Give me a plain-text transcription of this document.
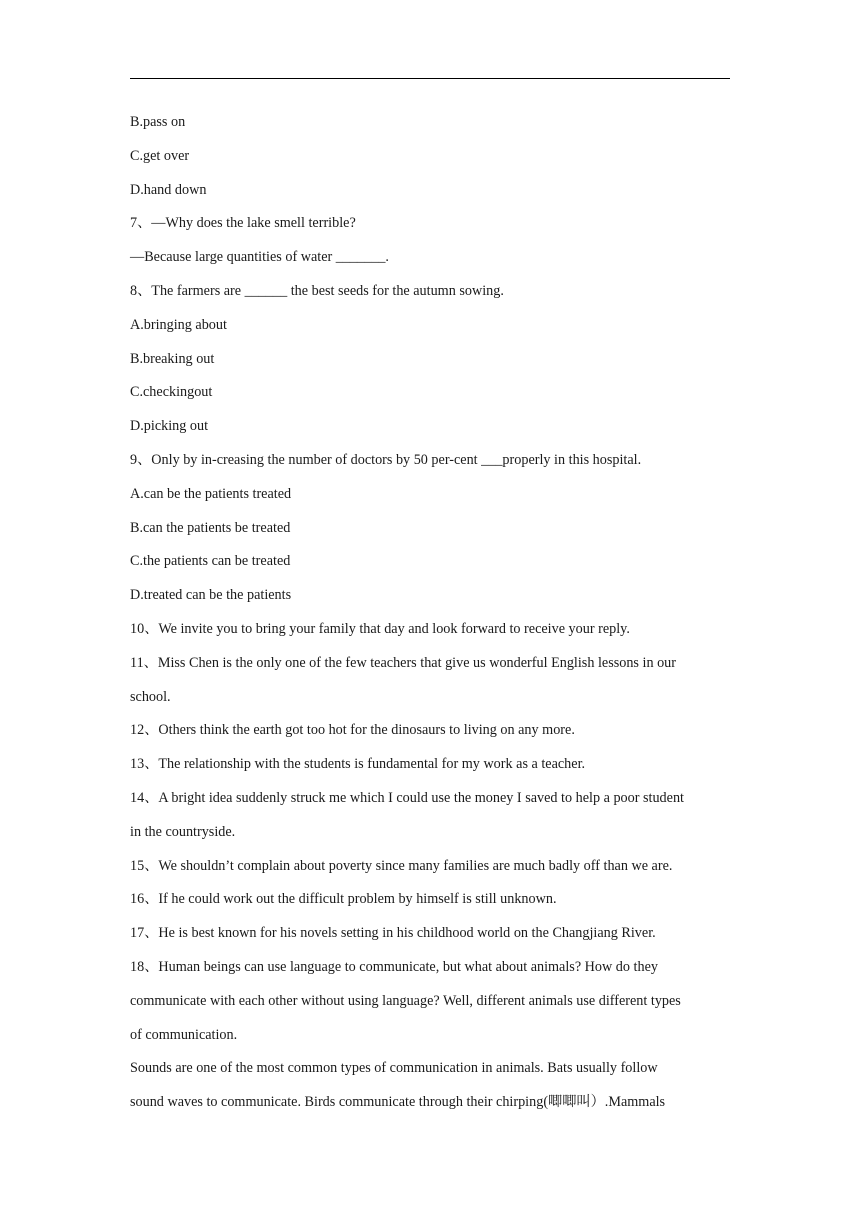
B.pass on
C.get over
D.hand down
7、—Why does the lake smell terrible?
—Because large quantities of water _______.
8、The farmers are ______ the best seeds for the autumn sowing.
A.bringing about
B.breaking out
C.checkingout
D.picking out
9、Only by in-creasing the number of doctors by 50 per-cent ___properly in this hospital.
A.can be the patients treated
B.can the patients be treated
C.the patients can be treated
D.treated can be the patients
10、We invite you to bring your family that day and look forward to receive your reply.
11、Miss Chen is the only one of the few teachers that give us wonderful English lessons in our
school.
12、Others think the earth got too hot for the dinosaurs to living on any more.
13、The relationship with the students is fundamental for my work as a teacher.
14、A bright idea suddenly struck me which I could use the money I saved to help a poor student
in the countryside.
15、We shouldn’t complain about poverty since many families are much badly off than we are.
16、If he could work out the difficult problem by himself is still unknown.
17、He is best known for his novels setting in his childhood world on the Changjiang River.
18、Human beings can use language to communicate, but what about animals? How do they
communicate with each other without using language? Well, different animals use different types
of communication.
Sounds are one of the most common types of communication in animals. Bats usually follow
sound waves to communicate. Birds communicate through their chirping(唧唧叫）.Mammals
